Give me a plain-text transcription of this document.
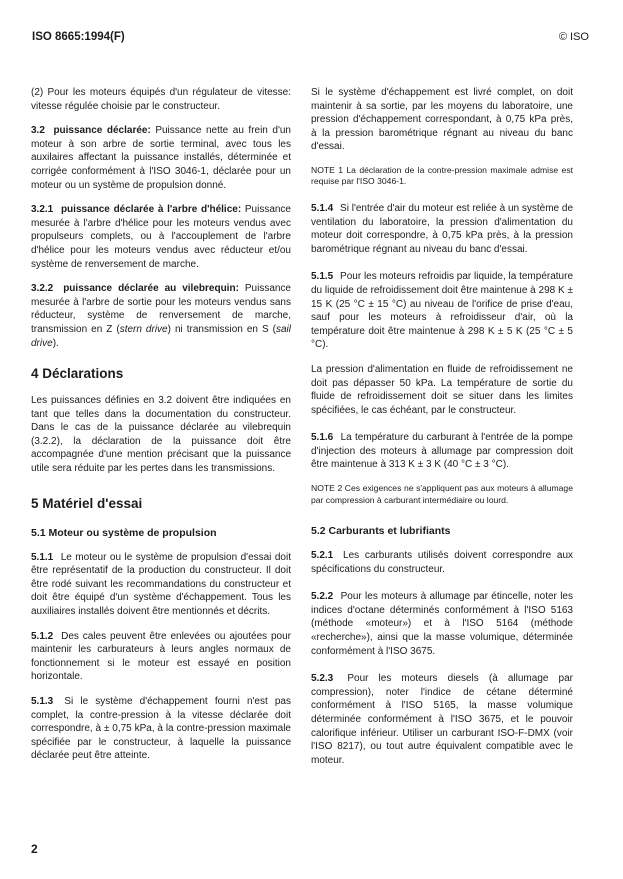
ISO 8665:1994(F)	© ISO

(2) Pour les moteurs équipés d'un régulateur de vitesse: vitesse régulée choisie par le constructeur.

3.2 puissance déclarée: Puissance nette au frein d'un moteur à son arbre de sortie terminal, avec tous les auxilaires affectant la puissance installés, déterminée et corrigée conformément à l'ISO 3046-1, déclarée pour un moteur ou un système de propulsion donné.

3.2.1 puissance déclarée à l'arbre d'hélice: Puissance mesurée à l'arbre d'hélice pour les moteurs vendus avec propulseurs complets, ou à l'accouplement de l'arbre d'hélice pour les moteurs vendus avec réducteur et/ou système de renversement de marche.

3.2.2 puissance déclarée au vilebrequin: Puissance mesurée à l'arbre de sortie pour les moteurs vendus sans réducteur, système de renversement de marche, transmission en Z (stern drive) ni transmission en S (sail drive).

4 Déclarations

Les puissances définies en 3.2 doivent être indiquées en tant que telles dans la documentation du constructeur. Dans le cas de la puissance déclarée au vilebrequin (3.2.2), la déclaration de la puissance doit être accompagnée d'une mention précisant que la puissance utile sera réduite par les pertes dans les transmissions.

5 Matériel d'essai
5.1 Moteur ou système de propulsion

5.1.1 Le moteur ou le système de propulsion d'essai doit être représentatif de la production du constructeur. Il doit être rodé suivant les recommandations du constructeur et doit être équipé d'un système d'échappement. Tous les auxiliaires installés doivent être mentionnés et décrits.

5.1.2 Des cales peuvent être enlevées ou ajoutées pour maintenir les carburateurs à leurs angles normaux de fonctionnement si le moteur est essayé en position horizontale.

5.1.3 Si le système d'échappement fourni n'est pas complet, la contre-pression à la vitesse déclarée doit correspondre, à ± 0,75 kPa, à la contre-pression maximale spécifiée par le constructeur, à laquelle la puissance déclarée peut être atteinte.

Si le système d'échappement est livré complet, on doit maintenir à sa sortie, par les moyens du laboratoire, une pression d'échappement correspondant, à 0,75 kPa près, à la pression barométrique régnant au niveau du banc d'essai.

NOTE 1 La déclaration de la contre-pression maximale admise est requise par l'ISO 3046-1.

5.1.4 Si l'entrée d'air du moteur est reliée à un système de ventilation du laboratoire, la pression d'alimentation du moteur doit correspondre, à 0,75 kPa près, à la pression barométrique régnant au niveau du banc d'essai.

5.1.5 Pour les moteurs refroidis par liquide, la température du liquide de refroidissement doit être maintenue à 298 K ± 15 K (25 °C ± 15 °C) au niveau de l'orifice de prise d'eau, sauf pour les moteurs à refroidisseur d'air, où la température doit être maintenue à 298 K ± 5 K (25 °C ± 5 °C).

La pression d'alimentation en fluide de refroidissement ne doit pas dépasser 50 kPa. La température de sortie du fluide de refroidissement doit se situer dans les limites spécifiées, le cas échéant, par le constructeur.

5.1.6 La température du carburant à l'entrée de la pompe d'injection des moteurs à allumage par compression doit être maintenue à 313 K ± 3 K (40 °C ± 3 °C).

NOTE 2 Ces exigences ne s'appliquent pas aux moteurs à allumage par compression à carburant intermédiaire ou lourd.

5.2 Carburants et lubrifiants

5.2.1 Les carburants utilisés doivent correspondre aux spécifications du constructeur.

5.2.2 Pour les moteurs à allumage par étincelle, noter les indices d'octane déterminés conformément à l'ISO 5163 (méthode «moteur») et à l'ISO 5164 (méthode «recherche»), ainsi que la masse volumique, déterminée conformément à l'ISO 3675.

5.2.3 Pour les moteurs diesels (à allumage par compression), noter l'indice de cétane déterminé conformément à l'ISO 5165, la masse volumique déterminée conformément à l'ISO 3675, et le pouvoir calorifique inférieur. Utiliser un carburant ISO-F-DMX (voir l'ISO 8217), ou tout autre équivalent compatible avec le moteur.

2
